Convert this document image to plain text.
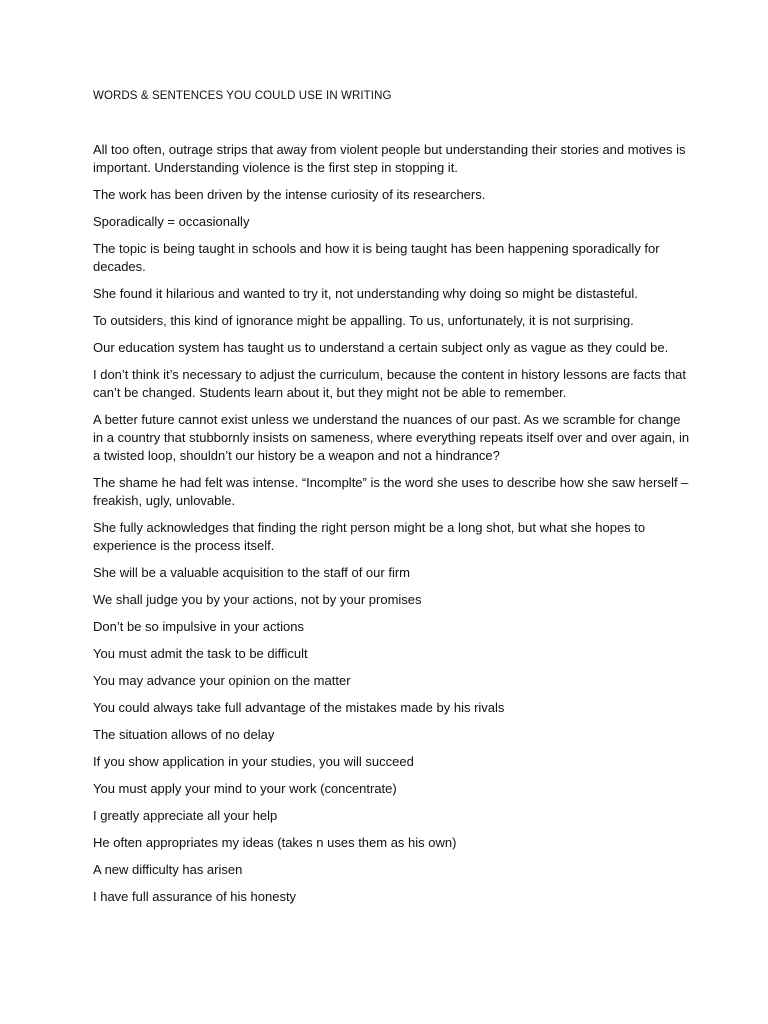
WORDS & SENTENCES YOU COULD USE IN WRITING

All too often, outrage strips that away from violent people but understanding their stories and motives is important. Understanding violence is the first step in stopping it.

The work has been driven by the intense curiosity of its researchers.

Sporadically = occasionally

The topic is being taught in schools and how it is being taught has been happening sporadically for decades.

She found it hilarious and wanted to try it, not understanding why doing so might be distasteful.

To outsiders, this kind of ignorance might be appalling. To us, unfortunately, it is not surprising.

Our education system has taught us to understand a certain subject only as vague as they could be.

I don’t think it’s necessary to adjust the curriculum, because the content in history lessons are facts that can’t be changed. Students learn about it, but they might not be able to remember.

A better future cannot exist unless we understand the nuances of our past. As we scramble for change in a country that stubbornly insists on sameness, where everything repeats itself over and over again, in a twisted loop, shouldn’t our history be a weapon and not a hindrance?

The shame he had felt was intense. “Incomplte” is the word she uses to describe how she saw herself – freakish, ugly, unlovable.

She fully acknowledges that finding the right person might be a long shot, but what she hopes to experience is the process itself.

She will be a valuable acquisition to the staff of our firm

We shall judge you by your actions, not by your promises

Don’t be so impulsive in your actions

You must admit the task to be difficult

You may advance your opinion on the matter

You could always take full advantage of the mistakes made by his rivals

The situation allows of no delay

If you show application in your studies, you will succeed

You must apply your mind to your work (concentrate)

I greatly appreciate all your help

He often appropriates my ideas (takes n uses them as his own)

A new difficulty has arisen

I have full assurance of his honesty
